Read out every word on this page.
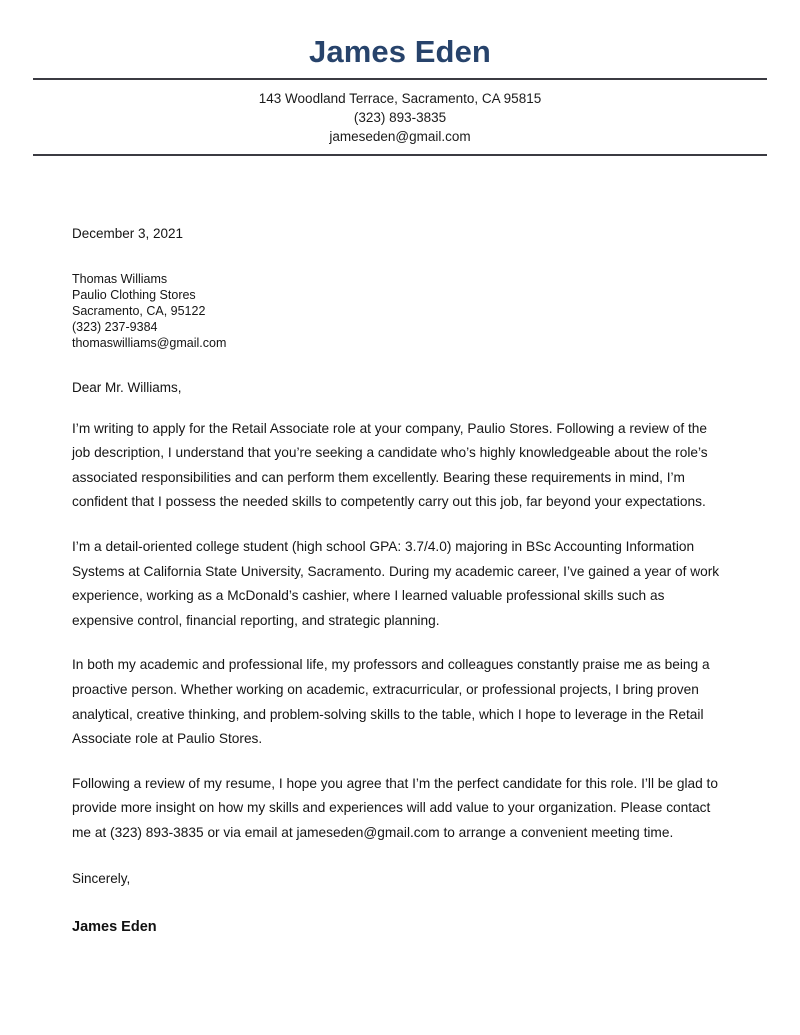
James Eden
143 Woodland Terrace, Sacramento, CA 95815
(323) 893-3835
jameseden@gmail.com
December 3, 2021
Thomas Williams
Paulio Clothing Stores
Sacramento, CA, 95122
(323) 237-9384
thomaswilliams@gmail.com
Dear Mr. Williams,

I’m writing to apply for the Retail Associate role at your company, Paulio Stores. Following a review of the job description, I understand that you’re seeking a candidate who’s highly knowledgeable about the role’s associated responsibilities and can perform them excellently. Bearing these requirements in mind, I’m confident that I possess the needed skills to competently carry out this job, far beyond your expectations.

I’m a detail-oriented college student (high school GPA: 3.7/4.0) majoring in BSc Accounting Information Systems at California State University, Sacramento. During my academic career, I’ve gained a year of work experience, working as a McDonald’s cashier, where I learned valuable professional skills such as expensive control, financial reporting, and strategic planning.

In both my academic and professional life, my professors and colleagues constantly praise me as being a proactive person. Whether working on academic, extracurricular, or professional projects, I bring proven analytical, creative thinking, and problem-solving skills to the table, which I hope to leverage in the Retail Associate role at Paulio Stores.

Following a review of my resume, I hope you agree that I’m the perfect candidate for this role. I’ll be glad to provide more insight on how my skills and experiences will add value to your organization. Please contact me at (323) 893-3835 or via email at jameseden@gmail.com to arrange a convenient meeting time.

Sincerely,
James Eden
